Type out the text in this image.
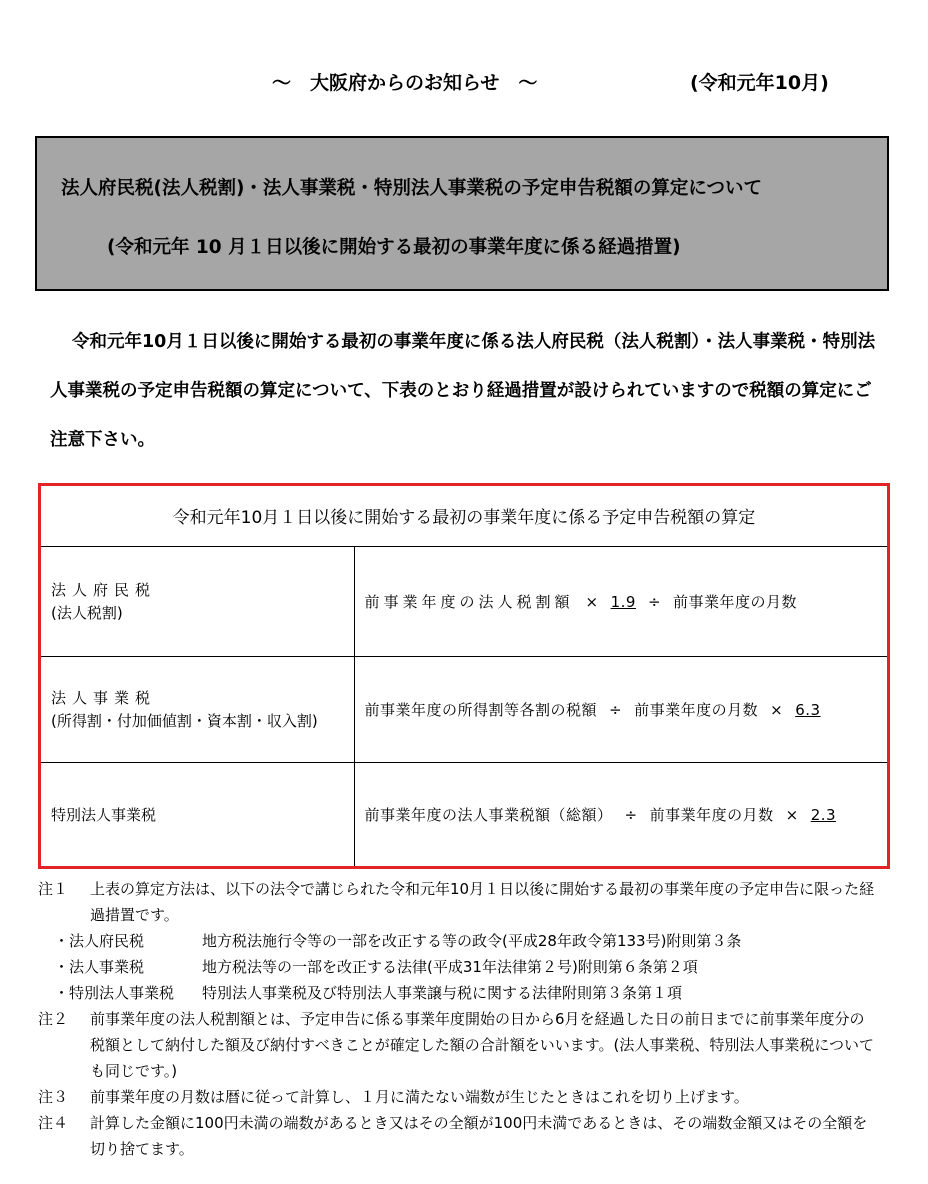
～　大阪府からのお知らせ　～	(令和元年10月)
法人府民税(法人税割)・法人事業税・特別法人事業税の予定申告税額の算定について
(令和元年 10 月１日以後に開始する最初の事業年度に係る経過措置)
令和元年10月１日以後に開始する最初の事業年度に係る法人府民税（法人税割）・法人事業税・特別法人事業税の予定申告税額の算定について、下表のとおり経過措置が設けられていますので税額の算定にご注意下さい。
令和元年10月１日以後に開始する最初の事業年度に係る予定申告税額の算定	

法人府民税
(法人税割)	前事業年度の法人税割額 × 1.9 ÷ 前事業年度の月数

法人事業税
(所得割・付加価値割・資本割・収入割)	前事業年度の所得割等各割の税額 ÷ 前事業年度の月数 × 6.3

特別法人事業税	前事業年度の法人事業税額（総額） ÷ 前事業年度の月数 × 2.3
注１	上表の算定方法は、以下の法令で講じられた令和元年10月１日以後に開始する最初の事業年度の予定申告に限った経過措置です。
・法人府民税	地方税法施行令等の一部を改正する等の政令(平成28年政令第133号)附則第３条
・法人事業税	地方税法等の一部を改正する法律(平成31年法律第２号)附則第６条第２項
・特別法人事業税	特別法人事業税及び特別法人事業譲与税に関する法律附則第３条第１項
注２	前事業年度の法人税割額とは、予定申告に係る事業年度開始の日から6月を経過した日の前日までに前事業年度分の税額として納付した額及び納付すべきことが確定した額の合計額をいいます。(法人事業税、特別法人事業税についても同じです。)
注３	前事業年度の月数は暦に従って計算し、１月に満たない端数が生じたときはこれを切り上げます。
注４	計算した金額に100円未満の端数があるとき又はその全額が100円未満であるときは、その端数金額又はその全額を切り捨てます。
